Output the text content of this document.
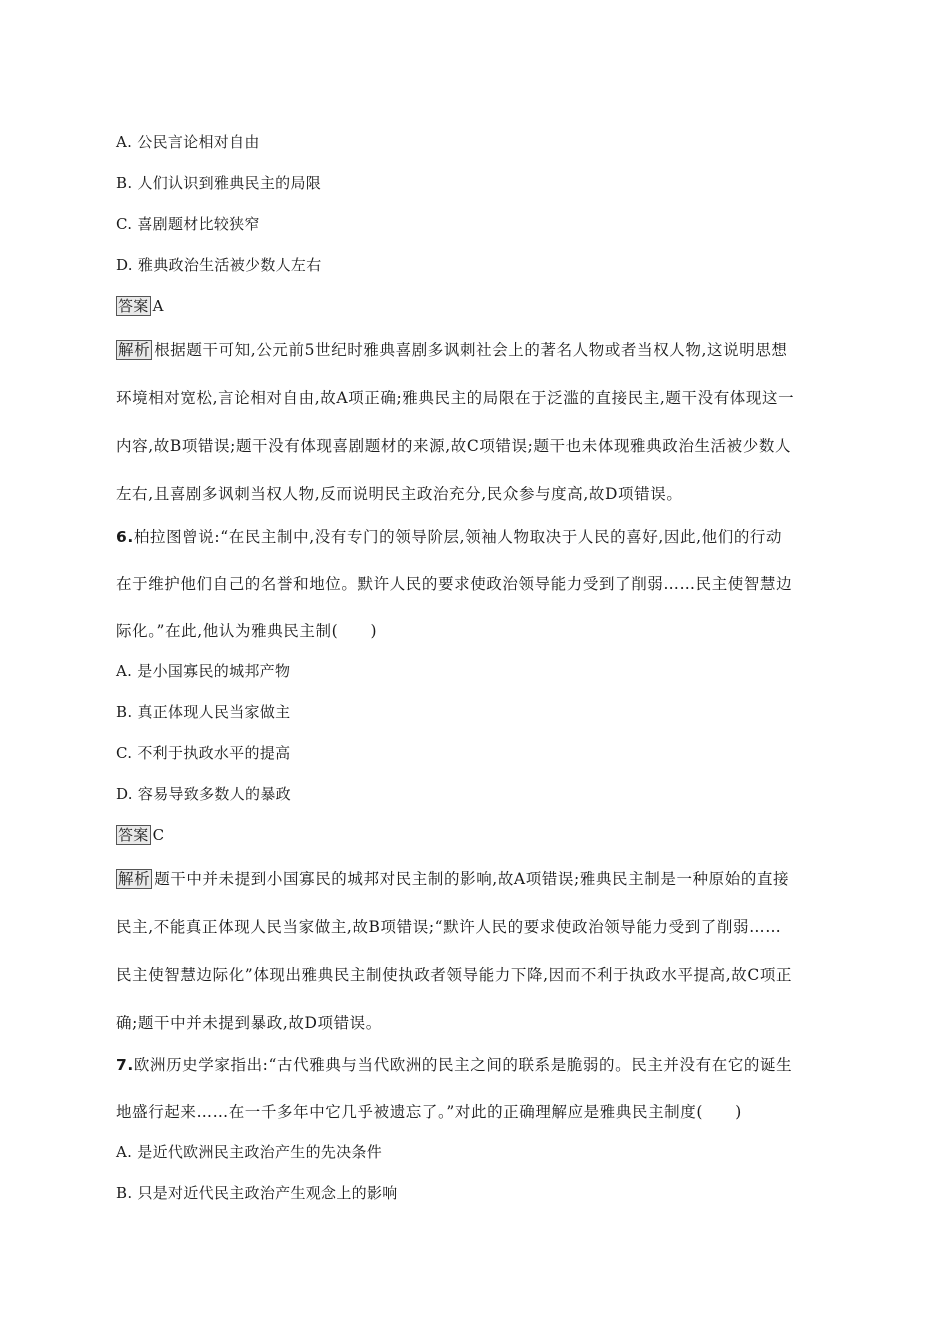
A. 公民言论相对自由
B. 人们认识到雅典民主的局限
C. 喜剧题材比较狭窄
D. 雅典政治生活被少数人左右
答案 A
解析 根据题干可知,公元前5世纪时雅典喜剧多讽刺社会上的著名人物或者当权人物,这说明思想
环境相对宽松,言论相对自由,故A项正确;雅典民主的局限在于泛滥的直接民主,题干没有体现这一
内容,故B项错误;题干没有体现喜剧题材的来源,故C项错误;题干也未体现雅典政治生活被少数人
左右,且喜剧多讽刺当权人物,反而说明民主政治充分,民众参与度高,故D项错误。
6.柏拉图曾说:“在民主制中,没有专门的领导阶层,领袖人物取决于人民的喜好,因此,他们的行动
在于维护他们自己的名誉和地位。默许人民的要求使政治领导能力受到了削弱……民主使智慧边
际化。”在此,他认为雅典民主制(　　)
A. 是小国寡民的城邦产物
B. 真正体现人民当家做主
C. 不利于执政水平的提高
D. 容易导致多数人的暴政
答案 C
解析 题干中并未提到小国寡民的城邦对民主制的影响,故A项错误;雅典民主制是一种原始的直接
民主,不能真正体现人民当家做主,故B项错误;“默许人民的要求使政治领导能力受到了削弱……
民主使智慧边际化”体现出雅典民主制使执政者领导能力下降,因而不利于执政水平提高,故C项正
确;题干中并未提到暴政,故D项错误。
7.欧洲历史学家指出:“古代雅典与当代欧洲的民主之间的联系是脆弱的。民主并没有在它的诞生
地盛行起来……在一千多年中它几乎被遗忘了。”对此的正确理解应是雅典民主制度(　　)
A. 是近代欧洲民主政治产生的先决条件
B. 只是对近代民主政治产生观念上的影响
